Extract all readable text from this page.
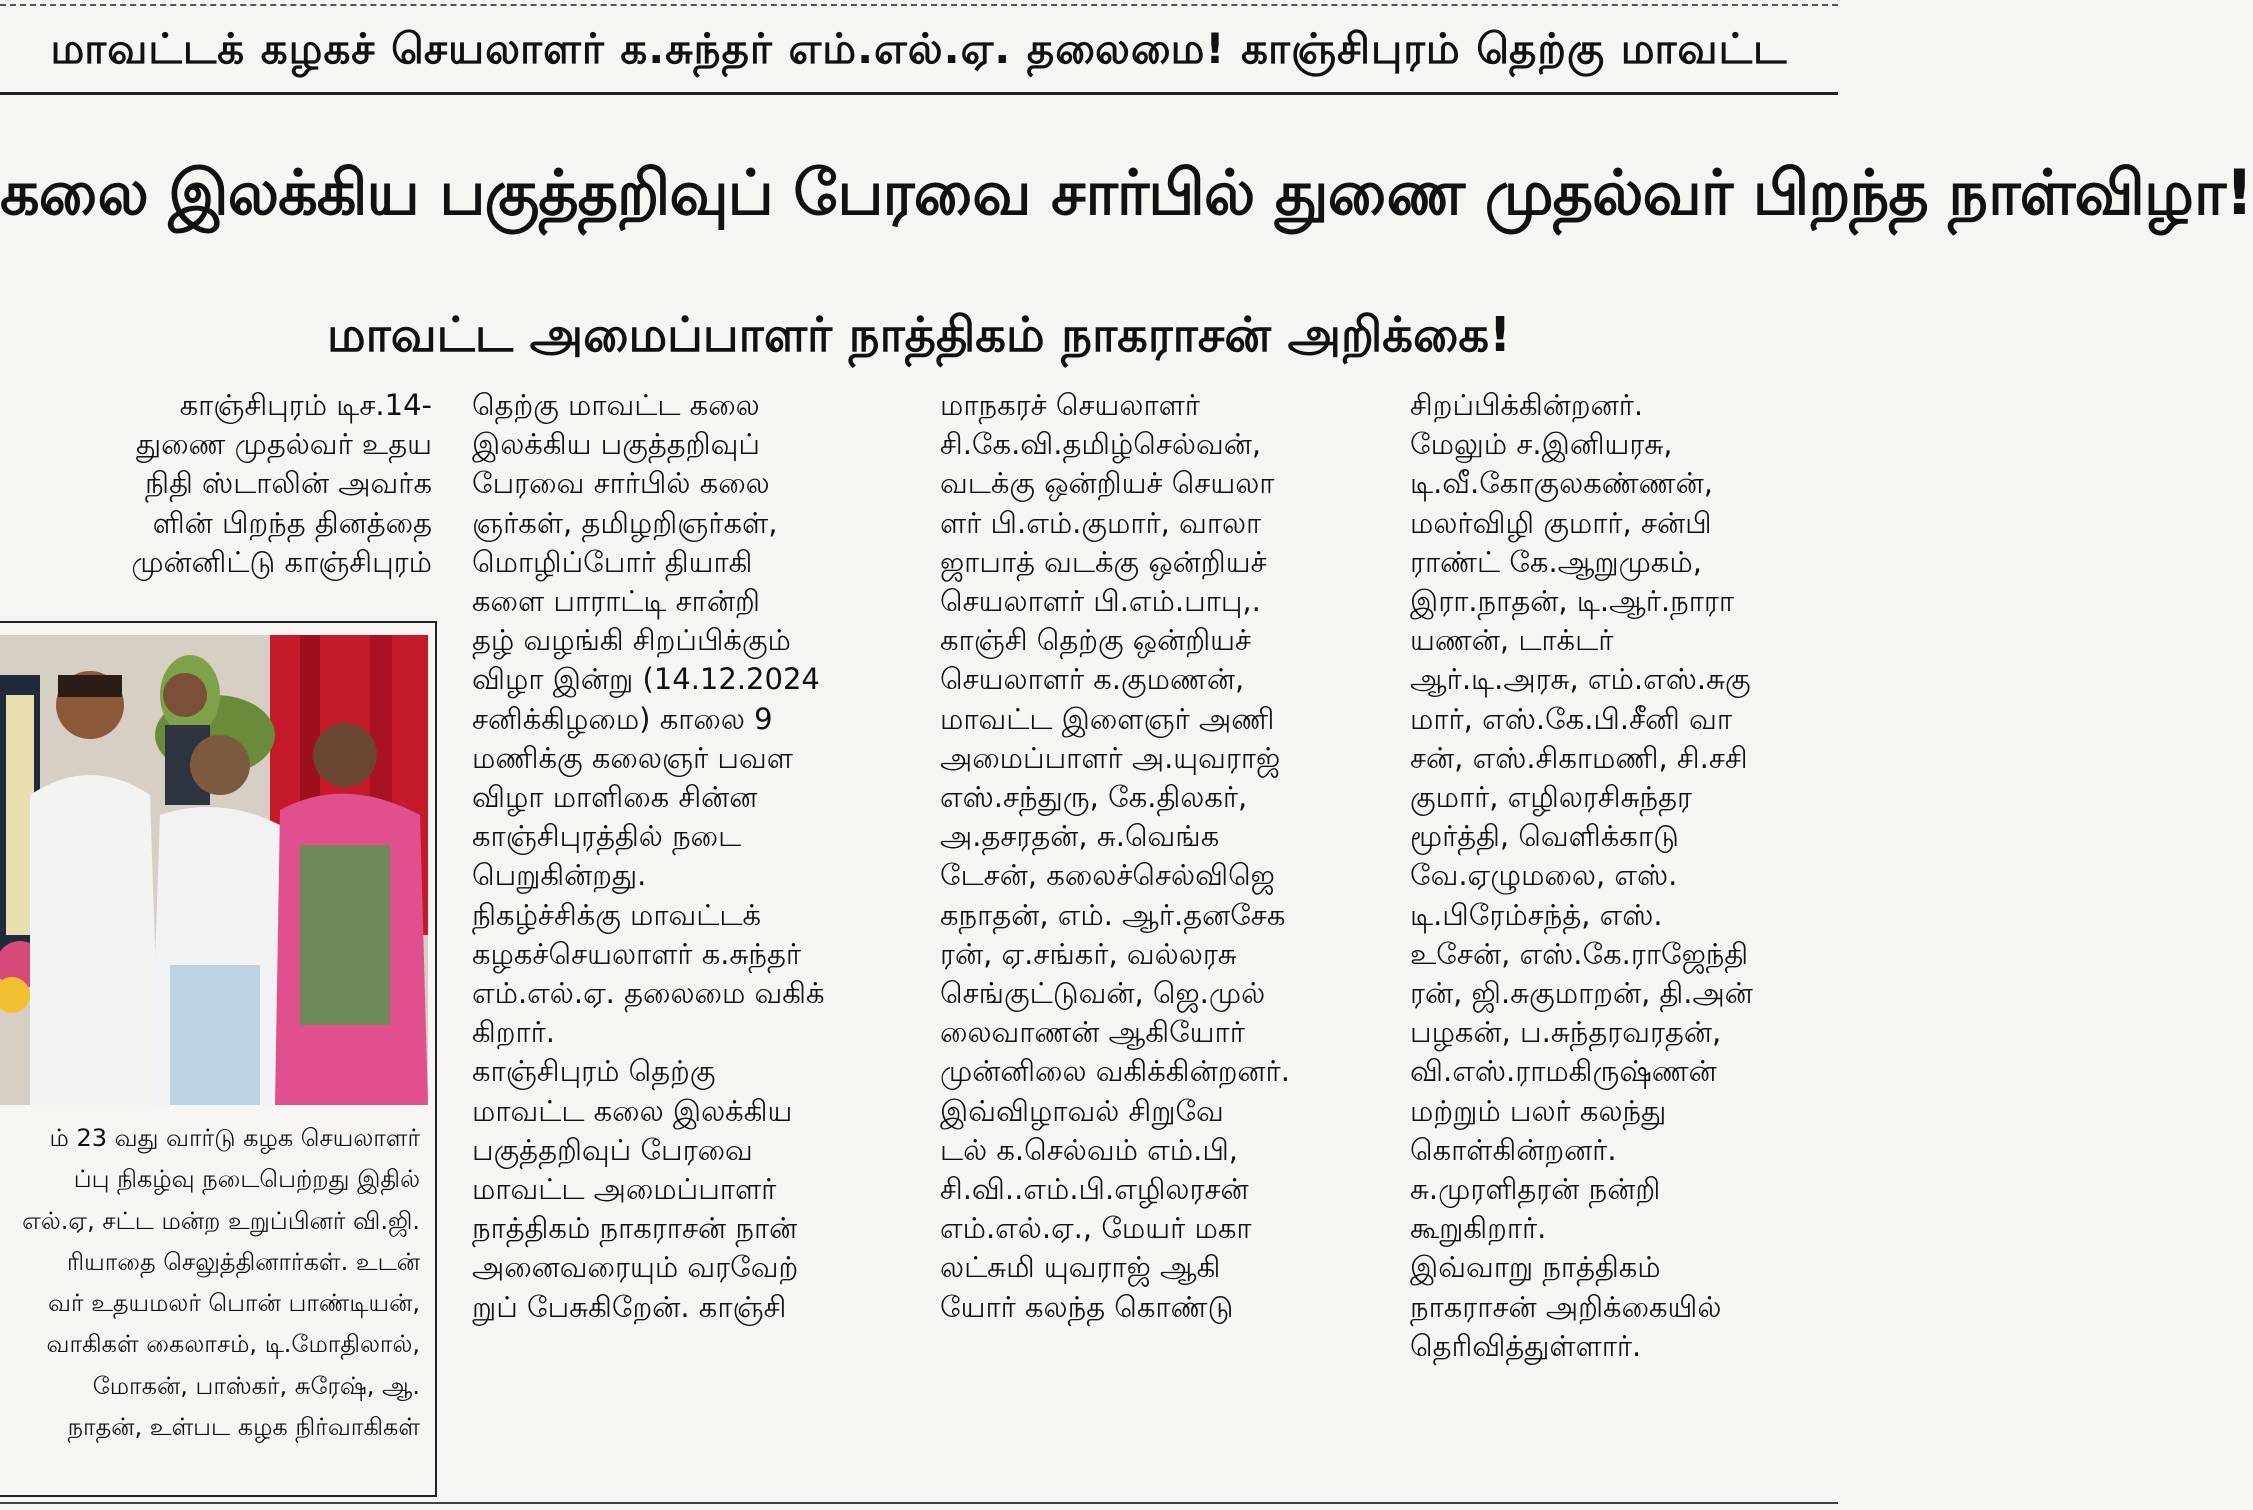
மாவட்டக் கழகச் செயலாளர் க.சுந்தர் எம்.எல்.ஏ. தலைமை! காஞ்சிபுரம் தெற்கு மாவட்ட
கலை இலக்கிய பகுத்தறிவுப் பேரவை சார்பில் துணை முதல்வர் பிறந்த நாள்விழா!
மாவட்ட அமைப்பாளர் நாத்திகம் நாகராசன் அறிக்கை!

காஞ்சிபுரம் டிச.14-

துணை முதல்வர் உதய

நிதி ஸ்டாலின் அவர்க

ளின் பிறந்த தினத்தை

முன்னிட்டு காஞ்சிபுரம்

ம் 23 வது வார்டு கழக செயலாளர்

ப்பு நிகழ்வு நடைபெற்றது இதில்

எல்.ஏ, சட்ட மன்ற உறுப்பினர் வி.ஜி.

ரியாதை செலுத்தினார்கள். உடன்

வர் உதயமலர் பொன் பாண்டியன்,

வாகிகள் கைலாசம், டி.மோதிலால்,

மோகன், பாஸ்கர், சுரேஷ், ஆ.

நாதன், உள்பட கழக நிர்வாகிகள்

தெற்கு மாவட்ட கலை

இலக்கிய பகுத்தறிவுப்

பேரவை சார்பில் கலை

ஞர்கள், தமிழறிஞர்கள்,

மொழிப்போர் தியாகி

களை பாராட்டி சான்றி

தழ் வழங்கி சிறப்பிக்கும்

விழா இன்று (14.12.2024

சனிக்கிழமை) காலை 9

மணிக்கு கலைஞர் பவள

விழா மாளிகை சின்ன

காஞ்சிபுரத்தில் நடை

பெறுகின்றது.

நிகழ்ச்சிக்கு மாவட்டக்

கழகச்செயலாளர் க.சுந்தர்

எம்.எல்.ஏ. தலைமை வகிக்

கிறார்.

காஞ்சிபுரம் தெற்கு

மாவட்ட கலை இலக்கிய

பகுத்தறிவுப் பேரவை

மாவட்ட அமைப்பாளர்

நாத்திகம் நாகராசன் நான்

அனைவரையும் வரவேற்

றுப் பேசுகிறேன். காஞ்சி

மாநகரச் செயலாளர்

சி.கே.வி.தமிழ்செல்வன்,

வடக்கு ஒன்றியச் செயலா

ளர் பி.எம்.குமார், வாலா

ஜாபாத் வடக்கு ஒன்றியச்

செயலாளர் பி.எம்.பாபு,.

காஞ்சி தெற்கு ஒன்றியச்

செயலாளர் க.குமணன்,

மாவட்ட இளைஞர் அணி

அமைப்பாளர் அ.யுவராஜ்

எஸ்.சந்துரு, கே.திலகர்,

அ.தசரதன், சு.வெங்க

டேசன், கலைச்செல்விஜெ

கநாதன், எம். ஆர்.தனசேக

ரன், ஏ.சங்கர், வல்லரசு

செங்குட்டுவன், ஜெ.முல்

லைவாணன் ஆகியோர்

முன்னிலை வகிக்கின்றனர்.

இவ்விழாவல் சிறுவே

டல் க.செல்வம் எம்.பி,

சி.வி..எம்.பி.எழிலரசன்

எம்.எல்.ஏ., மேயர் மகா

லட்சுமி யுவராஜ் ஆகி

யோர் கலந்த கொண்டு

சிறப்பிக்கின்றனர்.

மேலும் ச.இனியரசு,

டி.வீ.கோகுலகண்ணன்,

மலர்விழி குமார், சன்பி

ராண்ட் கே.ஆறுமுகம்,

இரா.நாதன், டி.ஆர்.நாரா

யணன், டாக்டர்

ஆர்.டி.அரசு, எம்.எஸ்.சுகு

மார், எஸ்.கே.பி.சீனி வா

சன், எஸ்.சிகாமணி, சி.சசி

குமார், எழிலரசிசுந்தர

மூர்த்தி, வெளிக்காடு

வே.ஏழுமலை, எஸ்.

டி.பிரேம்சந்த், எஸ்.

உசேன், எஸ்.கே.ராஜேந்தி

ரன், ஜி.சுகுமாறன், தி.அன்

பழகன், ப.சுந்தரவரதன்,

வி.எஸ்.ராமகிருஷ்ணன்

மற்றும் பலர் கலந்து

கொள்கின்றனர்.

சு.முரளிதரன் நன்றி

கூறுகிறார்.

இவ்வாறு நாத்திகம்

நாகராசன் அறிக்கையில்

தெரிவித்துள்ளார்.
